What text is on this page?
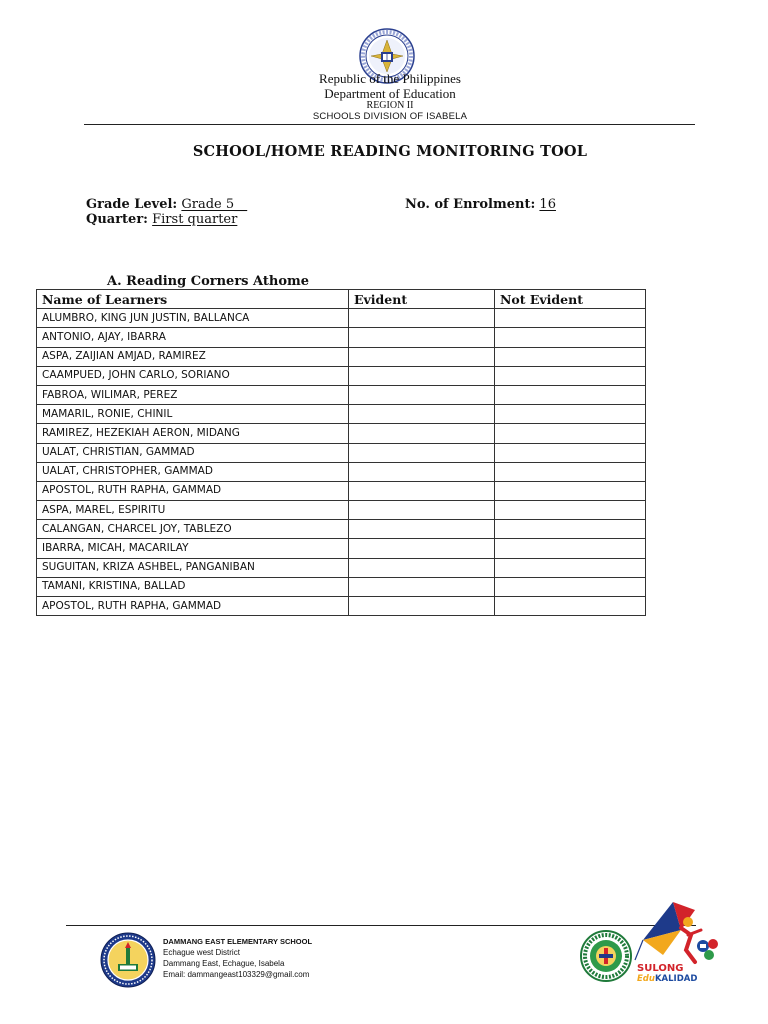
Republic of the Philippines
Department of Education
REGION II
SCHOOLS DIVISION OF ISABELA
SCHOOL/HOME READING MONITORING TOOL
Grade Level: Grade 5__
Quarter: First quarter
No. of Enrolment: 16
A. Reading Corners Athome
Name of Learners	Evident	Not Evident
ALUMBRO, KING JUN JUSTIN, BALLANCA		
ANTONIO, AJAY, IBARRA		
ASPA, ZAIJIAN AMJAD, RAMIREZ		
CAAMPUED, JOHN CARLO, SORIANO		
FABROA, WILIMAR, PEREZ		
MAMARIL, RONIE, CHINIL		
RAMIREZ, HEZEKIAH AERON, MIDANG		
UALAT, CHRISTIAN, GAMMAD		
UALAT, CHRISTOPHER, GAMMAD		
APOSTOL, RUTH RAPHA, GAMMAD		
ASPA, MAREL, ESPIRITU		
CALANGAN, CHARCEL JOY, TABLEZO		
IBARRA, MICAH, MACARILAY		
SUGUITAN, KRIZA ASHBEL, PANGANIBAN		
TAMANI, KRISTINA, BALLAD		
APOSTOL, RUTH RAPHA, GAMMAD		
DAMMANG EAST ELEMENTARY SCHOOL
Echague west District
Dammang East, Echague, Isabela
Email: dammangeast103329@gmail.com
SULONG
EduKALIDAD
